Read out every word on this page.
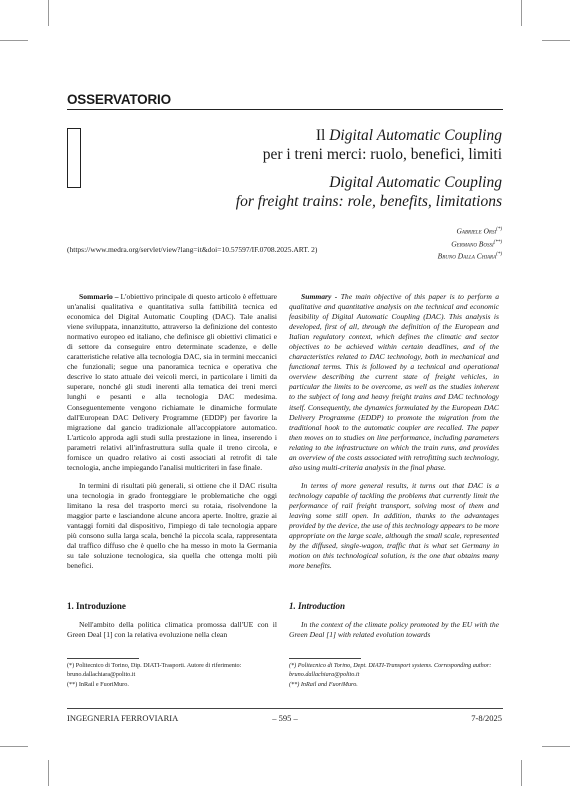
OSSERVATORIO
Il Digital Automatic Coupling
per i treni merci: ruolo, benefici, limiti
Digital Automatic Coupling
for freight trains: role, benefits, limitations
Gabriele Orsi(*)
Germano Bossi(**)
Bruno Dalla Chiara(*)
(https://www.medra.org/servlet/view?lang=it&doi=10.57597/IF.0708.2025.ART. 2)

Sommario – L'obiettivo principale di questo articolo è effettuare un'analisi qualitativa e quantitativa sulla fattibilità tecnica ed economica del Digital Automatic Coupling (DAC). Tale analisi viene sviluppata, innanzitutto, attraverso la definizione del contesto normativo europeo ed italiano, che definisce gli obiettivi climatici e di settore da conseguire entro determinate scadenze, e delle caratteristiche relative alla tecnologia DAC, sia in termini meccanici che funzionali; segue una panoramica tecnica e operativa che descrive lo stato attuale dei veicoli merci, in particolare i limiti da superare, nonché gli studi inerenti alla tematica dei treni merci lunghi e pesanti e alla tecnologia DAC medesima. Conseguentemente vengono richiamate le dinamiche formulate dall'European DAC Delivery Programme (EDDP) per favorire la migrazione dal gancio tradizionale all'accoppiatore automatico. L'articolo approda agli studi sulla prestazione in linea, inserendo i parametri relativi all'infrastruttura sulla quale il treno circola, e fornisce un quadro relativo ai costi associati al retrofit di tale tecnologia, anche impiegando l'analisi multicriteri in fase finale.

In termini di risultati più generali, si ottiene che il DAC risulta una tecnologia in grado fronteggiare le problematiche che oggi limitano la resa del trasporto merci su rotaia, risolvendone la maggior parte e lasciandone alcune ancora aperte. Inoltre, grazie ai vantaggi forniti dal dispositivo, l'impiego di tale tecnologia appare più consono sulla larga scala, benché la piccola scala, rappresentata dal traffico diffuso che è quello che ha messo in moto la Germania su tale soluzione tecnologica, sia quella che ottenga molti più benefici.

Summary - The main objective of this paper is to perform a qualitative and quantitative analysis on the technical and economic feasibility of Digital Automatic Coupling (DAC). This analysis is developed, first of all, through the definition of the European and Italian regulatory context, which defines the climatic and sector objectives to be achieved within certain deadlines, and of the characteristics related to DAC technology, both in mechanical and functional terms. This is followed by a technical and operational overview describing the current state of freight vehicles, in particular the limits to be overcome, as well as the studies inherent to the subject of long and heavy freight trains and DAC technology itself. Consequently, the dynamics formulated by the European DAC Delivery Programme (EDDP) to promote the migration from the traditional hook to the automatic coupler are recalled. The paper then moves on to studies on line performance, including parameters relating to the infrastructure on which the train runs, and provides an overview of the costs associated with retrofitting such technology, also using multi-criteria analysis in the final phase.

In terms of more general results, it turns out that DAC is a technology capable of tackling the problems that currently limit the performance of rail freight transport, solving most of them and leaving some still open. In addition, thanks to the advantages provided by the device, the use of this technology appears to be more appropriate on the large scale, although the small scale, represented by the diffused, single-wagon, traffic that is what set Germany in motion on this technological solution, is the one that obtains many more benefits.

1. Introduzione	1. Introduction
Nell'ambito della politica climatica promossa dall'UE con il Green Deal [1] con la relativa evoluzione nella clean
In the context of the climate policy promoted by the EU with the Green Deal [1] with related evolution towards
(*) Politecnico di Torino, Dip. DIATI-Trasporti. Autore di riferimento: bruno.dallachiara@polito.it
(**) InRail e FuoriMuro.
(*) Politecnico di Torino, Dept. DIATI-Transport systems. Corresponding author: bruno.dallachiara@polito.it
(**) InRail and FuoriMuro.
INGEGNERIA FERROVIARIA	– 595 –	7-8/2025
